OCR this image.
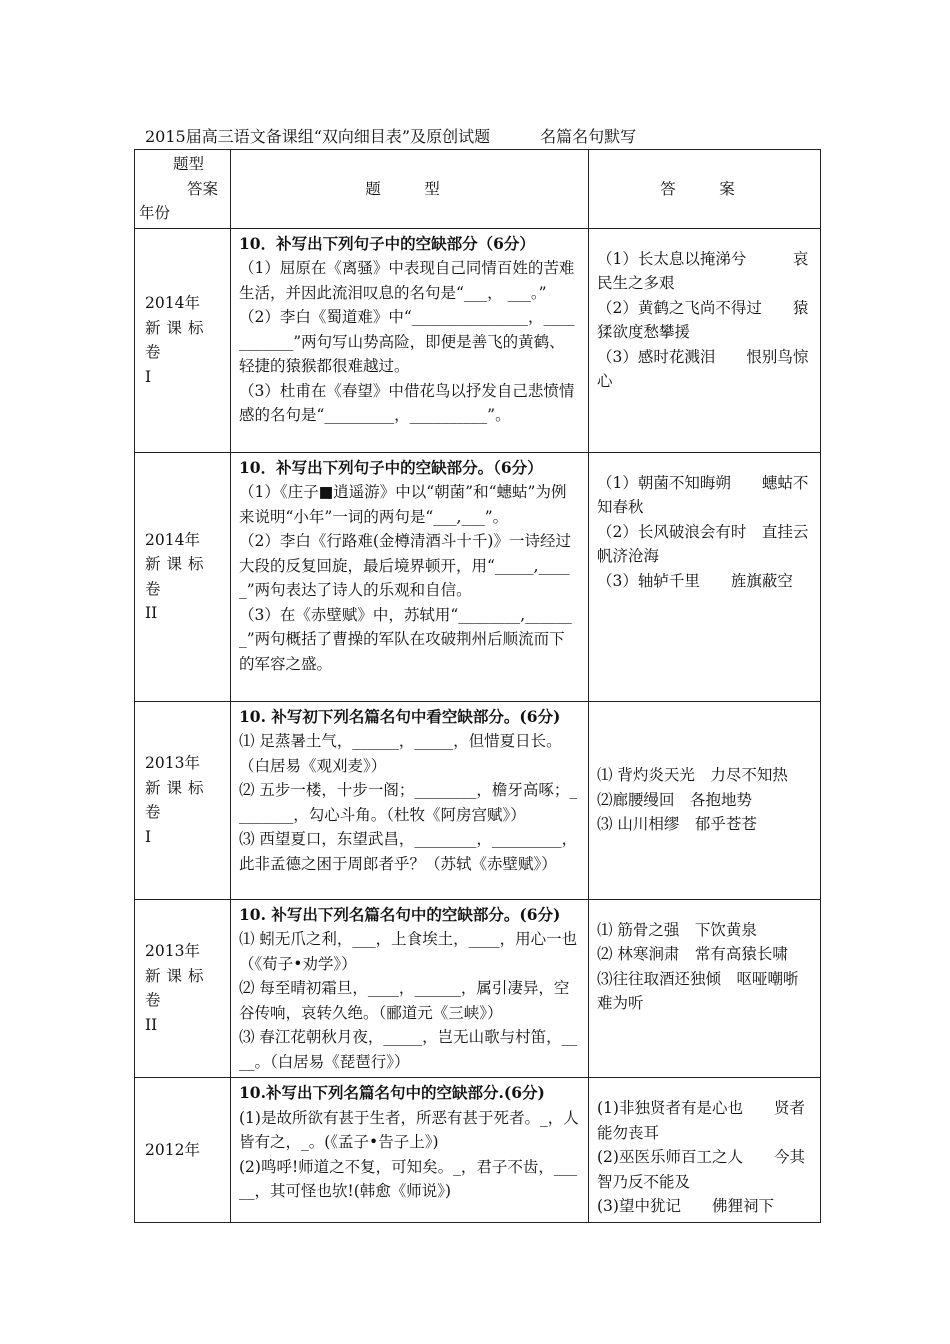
2015届高三语文备课组“双向细目表”及原创试题	名篇名句默写
题型
答案
年份	题　型	答　案

2014年
新课标卷
Ⅰ	10．补写出下列句子中的空缺部分（6分）
（1）屈原在《离骚》中表现自己同情百姓的苦难生活，并因此流泪叹息的名句是“___， ___。”
（2）李白《蜀道难》中“_______________，___________”两句写山势高险，即便是善飞的黄鹤、轻捷的猿猴都很难越过。
（3）杜甫在《春望》中借花鸟以抒发自己悲愤情感的名句是“_________，__________”。	（1）长太息以掩涕兮　　　哀民生之多艰
（2）黄鹤之飞尚不得过　　猿猱欲度愁攀援
（3）感时花溅泪　　恨别鸟惊心

2014年
新课标卷
II	10．补写出下列句子中的空缺部分。（6分）
（1）《庄子■逍遥游》中以“朝菌”和“蟪蛄”为例来说明“小年”一词的两句是“___,___”。
（2）李白《行路难(金樽清酒斗十千)》一诗经过大段的反复回旋，最后境界顿开，用“_____,_____”两句表达了诗人的乐观和自信。
（3）在《赤壁赋》中，苏轼用“________,_______”两句概括了曹操的军队在攻破荆州后顺流而下的军容之盛。	（1）朝菌不知晦朔　　蟪蛄不知春秋
（2）长风破浪会有时　直挂云帆济沧海
（3）轴轳千里　　旌旗蔽空

2013年
新课标卷
Ⅰ	10. 补写初下列名篇名句中看空缺部分。(6分)
⑴ 足蒸暑土气，______，_____，但惜夏日长。（白居易《观刈麦》）
⑵ 五步一楼，十步一阁；________，檐牙高啄；________，勾心斗角。（杜牧《阿房宫赋》）
⑶ 西望夏口，东望武昌，________，_________，此非孟德之困于周郎者乎？（苏轼《赤壁赋》）	⑴ 背灼炎天光　力尽不知热
⑵廊腰缦回　各抱地势
⑶ 山川相缪　郁乎苍苍

2013年
新课标卷
II	10. 补写出下列名篇名句中的空缺部分。(6分)
⑴ 蚓无爪之利，___，上食埃土，____，用心一也（《荀子•劝学》）
⑵ 每至晴初霜旦，____，______，属引凄异，空谷传响，哀转久绝。（郦道元《三峡》）
⑶ 春江花朝秋月夜，_____，岂无山歌与村笛，____。（白居易《琵琶行》）	⑴ 筋骨之强　下饮黄泉
⑵ 林寒涧肃　常有高猿长啸
⑶往往取酒还独倾　呕哑嘲哳难为听

2012年	10.补写出下列名篇名句中的空缺部分.(6分)
(1)是故所欲有甚于生者，所恶有甚于死者。_，人皆有之，_。(《孟子•告子上》)
(2)鸣呼!师道之不复，可知矣。_，君子不齿，_____，其可怪也欤!(韩愈《师说》)	(1)非独贤者有是心也　　贤者能勿丧耳
(2)巫医乐师百工之人　　今其智乃反不能及
(3)望中犹记　　佛狸祠下
